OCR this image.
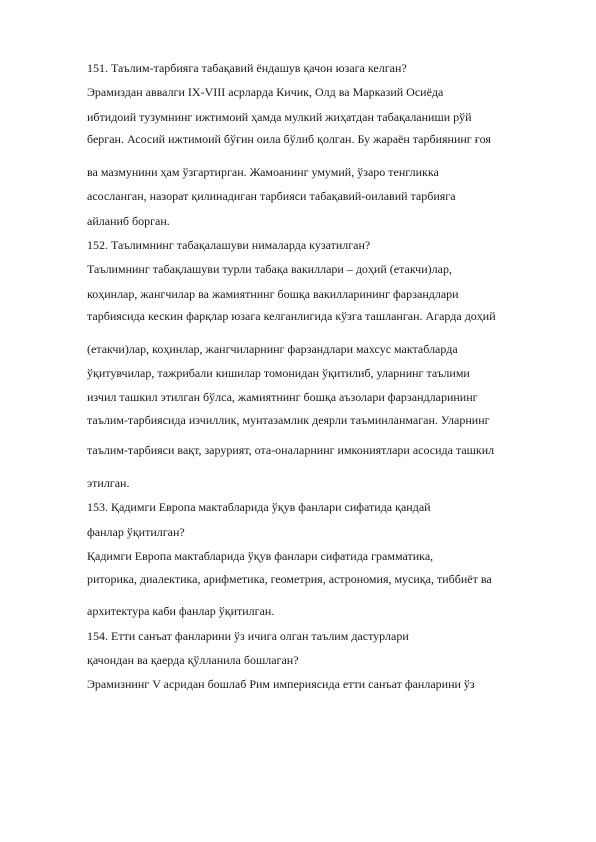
151. Таълим-тарбияга табақавий ёндашув қачон юзага келган?
Эрамиздан аввалги IX-VIII асрларда Кичик, Олд ва Марказий Осиёда
ибтидоий тузумнинг ижтимоий ҳамда мулкий жиҳатдан табақаланиши рўй
берган. Асосий ижтимоий бўғин оила бўлиб қолган. Бу жараён тарбиянинг ғоя
ва мазмунини ҳам ўзгартирган. Жамоанинг умумий, ўзаро тенгликка
асосланган, назорат қилинадиган тарбияси табақавий-оилавий тарбияга
айланиб борган.
152. Таълимнинг табақалашуви нималарда кузатилган?
Таълимнинг табақлашуви турли табақа вакиллари – доҳий (етакчи)лар,
коҳинлар, жангчилар ва жамиятнинг бошқа вакилларининг фарзандлари
тарбиясида кескин фарқлар юзага келганлигида кўзга ташланган. Агарда доҳий
(етакчи)лар, коҳинлар, жангчиларнинг фарзандлари махсус мактабларда
ўқитувчилар, тажрибали кишилар томонидан ўқитилиб, уларнинг таълими
изчил ташкил этилган бўлса, жамиятнинг бошқа аъзолари фарзандларининг
таълим-тарбиясида изчиллик, мунтазамлик деярли таъминланмаган. Уларнинг
таълим-тарбияси вақт, зарурият, ота-оналарнинг имкониятлари асосида ташкил
этилган.
153. Қадимги Европа мактабларида ўқув фанлари сифатида қандай
фанлар ўқитилган?
Қадимги Европа мактабларида ўқув фанлари сифатида грамматика,
риторика, диалектика, арифметика, геометрия, астрономия, мусиқа, тиббиёт ва
архитектура каби фанлар ўқитилган.
154. Етти санъат фанларини ўз ичига олган таълим дастурлари
қачондан ва қаерда қўлланила бошлаган?
Эрамизнинг V асридан бошлаб Рим империясида етти санъат фанларини ўз
